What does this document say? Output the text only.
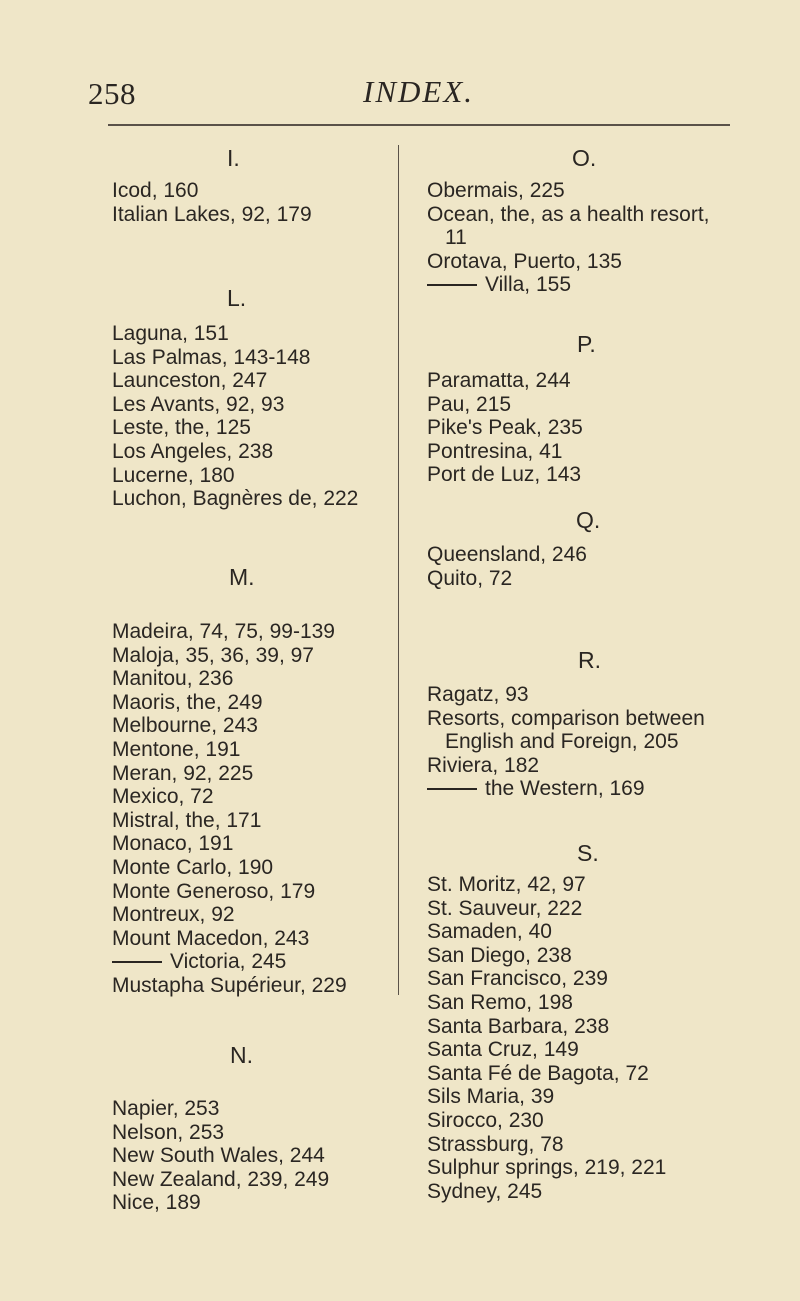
258	INDEX.
I.
Icod, 160
Italian Lakes, 92, 179
L.
Laguna, 151
Las Palmas, 143-148
Launceston, 247
Les Avants, 92, 93
Leste, the, 125
Los Angeles, 238
Lucerne, 180
Luchon, Bagnères de, 222
M.
Madeira, 74, 75, 99-139
Maloja, 35, 36, 39, 97
Manitou, 236
Maoris, the, 249
Melbourne, 243
Mentone, 191
Meran, 92, 225
Mexico, 72
Mistral, the, 171
Monaco, 191
Monte Carlo, 190
Monte Generoso, 179
Montreux, 92
Mount Macedon, 243
Victoria, 245
Mustapha Supérieur, 229
N.
Napier, 253
Nelson, 253
New South Wales, 244
New Zealand, 239, 249
Nice, 189
O.
Obermais, 225
Ocean, the, as a health resort,
11
Orotava, Puerto, 135
Villa, 155
P.
Paramatta, 244
Pau, 215
Pike's Peak, 235
Pontresina, 41
Port de Luz, 143
Q.
Queensland, 246
Quito, 72
R.
Ragatz, 93
Resorts, comparison between
English and Foreign, 205
Riviera, 182
the Western, 169
S.
St. Moritz, 42, 97
St. Sauveur, 222
Samaden, 40
San Diego, 238
San Francisco, 239
San Remo, 198
Santa Barbara, 238
Santa Cruz, 149
Santa Fé de Bagota, 72
Sils Maria, 39
Sirocco, 230
Strassburg, 78
Sulphur springs, 219, 221
Sydney, 245
